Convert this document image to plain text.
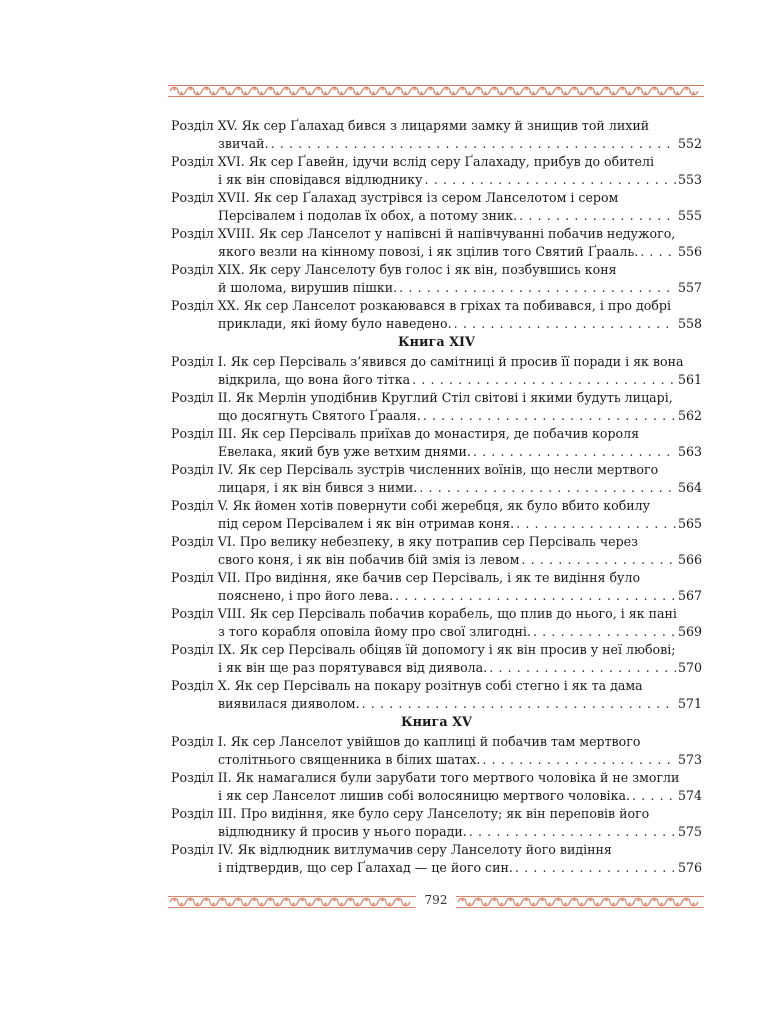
Розділ XV. Як сер Ґалахад бився з лицарями замку й знищив той лихий
звичай. . . .	552
Розділ XVI. Як сер Ґавейн, ідучи вслід серу Ґалахаду, прибув до обителі
і як він сповідався відлюднику . . .	553
Розділ XVII. Як сер Ґалахад зустрівся із сером Ланселотом і сером
Персівалем і подолав їх обох, а потому зник. . . .	555
Розділ XVIII. Як сер Ланселот у напівсні й напівчуванні побачив недужого,
якого везли на кінному повозі, і як зцілив того Святий Ґрааль. . . .	556
Розділ XIX. Як серу Ланселоту був голос і як він, позбувшись коня
й шолома, вирушив пішки. . . .	557
Розділ XX. Як сер Ланселот розкаювався в гріхах та побивався, і про добрі
приклади, які йому було наведено. . . .	558
Книга XIV
Розділ I. Як сер Персіваль з’явився до самітниці й просив її поради і як вона
відкрила, що вона його тітка . . .	561
Розділ II. Як Мерлін уподібнив Круглий Стіл світові і якими будуть лицарі,
що досягнуть Святого Ґрааля. . . .	562
Розділ III. Як сер Персіваль приїхав до монастиря, де побачив короля
Евелака, який був уже ветхим днями. . . .	563
Розділ IV. Як сер Персіваль зустрів численних воїнів, що несли мертвого
лицаря, і як він бився з ними. . . .	564
Розділ V. Як йомен хотів повернути собі жеребця, як було вбито кобилу
під сером Персівалем і як він отримав коня. . . .	565
Розділ VI. Про велику небезпеку, в яку потрапив сер Персіваль через
свого коня, і як він побачив бій змія із левом . . .	566
Розділ VII. Про видіння, яке бачив сер Персіваль, і як те видіння було
пояснено, і про його лева. . . .	567
Розділ VIII. Як сер Персіваль побачив корабель, що плив до нього, і як пані
з того корабля оповіла йому про свої злигодні. . . .	569
Розділ IX. Як сер Персіваль обіцяв їй допомогу і як він просив у неї любові;
і як він ще раз порятувався від диявола. . . .	570
Розділ X. Як сер Персіваль на покару розітнув собі стегно і як та дама
виявилася дияволом. . . .	571
Книга XV
Розділ I. Як сер Ланселот увійшов до каплиці й побачив там мертвого
столітнього священника в білих шатах. . . .	573
Розділ II. Як намагалися були зарубати того мертвого чоловіка й не змогли
і як сер Ланселот лишив собі волосяницю мертвого чоловіка. . . .	574
Розділ III. Про видіння, яке було серу Ланселоту; як він переповів його
відлюднику й просив у нього поради. . . .	575
Розділ IV. Як відлюдник витлумачив серу Ланселоту його видіння
і підтвердив, що сер Ґалахад — це його син. . . .	576
792
